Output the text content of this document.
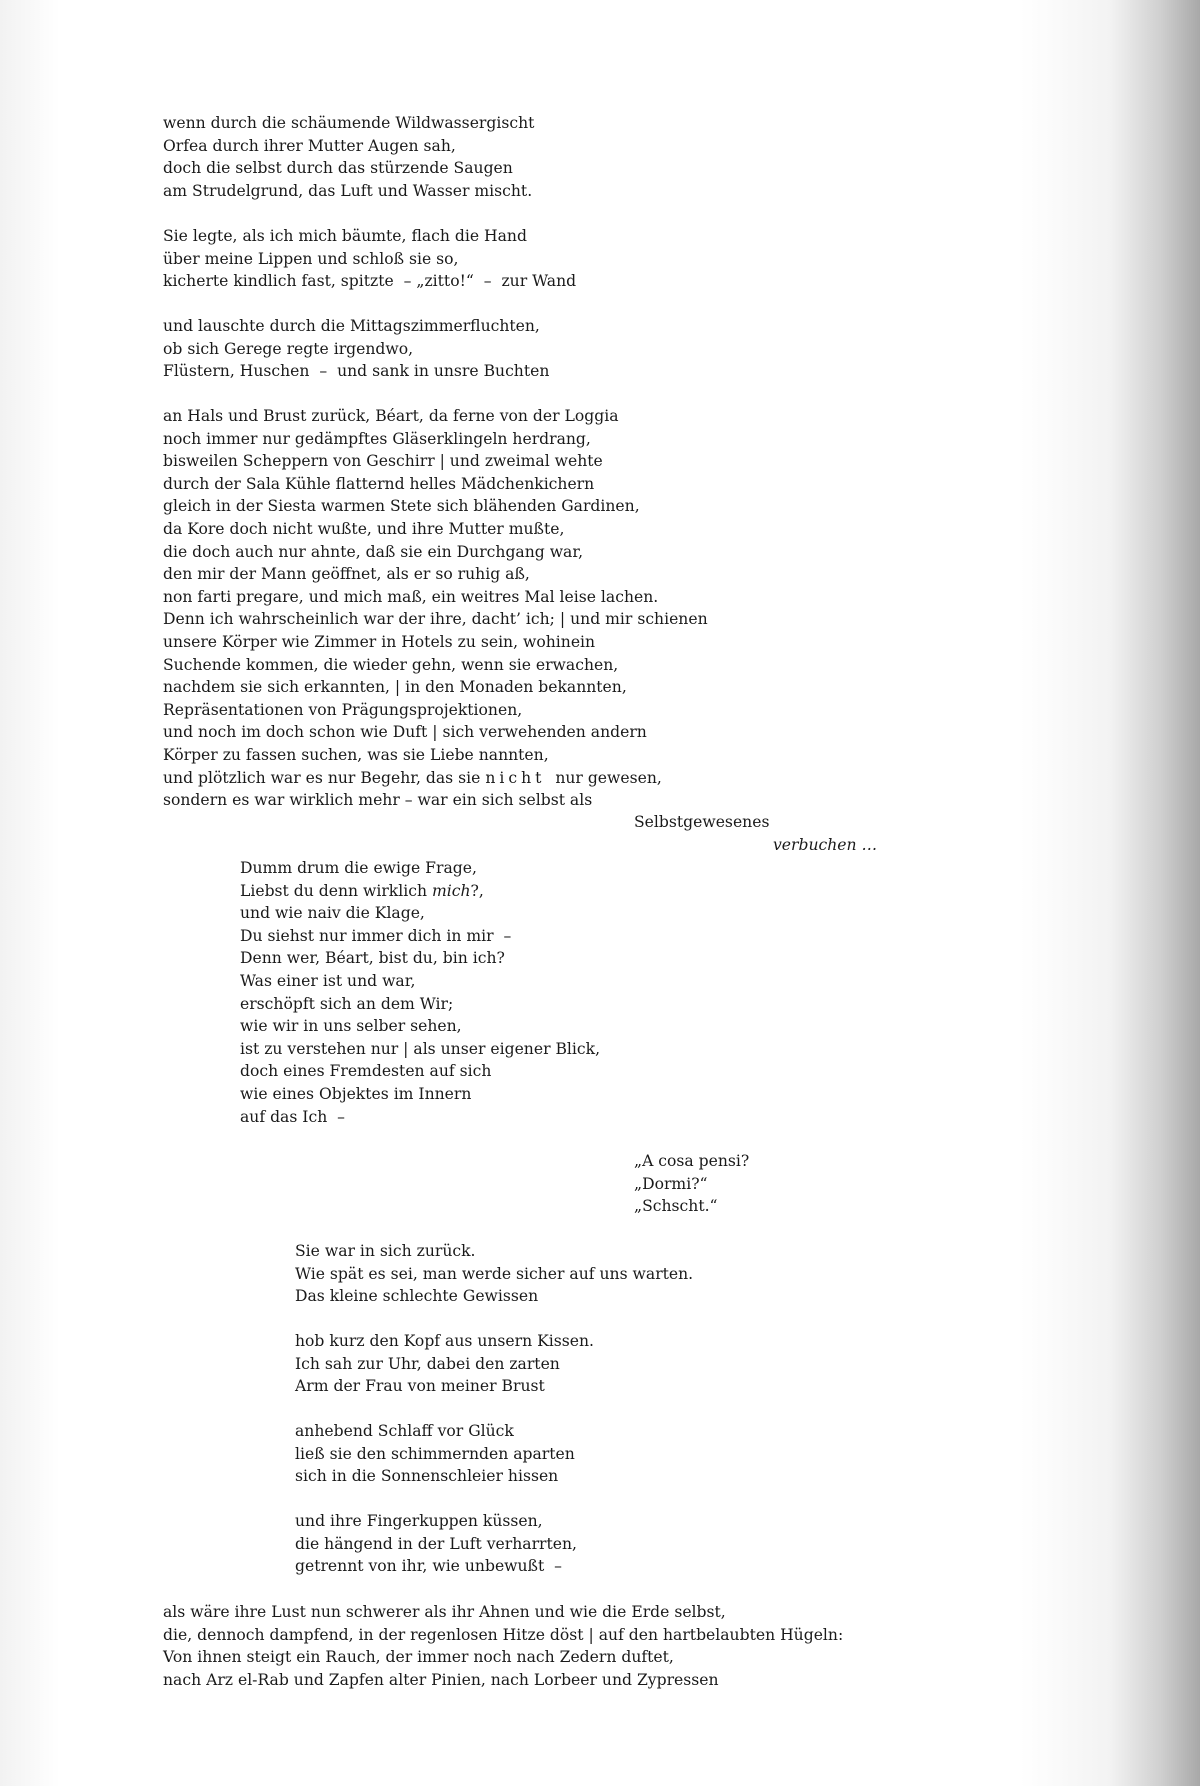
wenn durch die schäumende Wildwassergischt
Orfea durch ihrer Mutter Augen sah,
doch die selbst durch das stürzende Saugen
am Strudelgrund, das Luft und Wasser mischt.
Sie legte, als ich mich bäumte, flach die Hand
über meine Lippen und schloß sie so,
kicherte kindlich fast, spitzte  – „zitto!“  –  zur Wand
und lauschte durch die Mittagszimmerfluchten,
ob sich Gerege regte irgendwo,
Flüstern, Huschen  –  und sank in unsre Buchten
an Hals und Brust zurück, Béart, da ferne von der Loggia
noch immer nur gedämpftes Gläserklingeln herdrang,
bisweilen Scheppern von Geschirr | und zweimal wehte
durch der Sala Kühle flatternd helles Mädchenkichern
gleich in der Siesta warmen Stete sich blähenden Gardinen,
da Kore doch nicht wußte, und ihre Mutter mußte,
die doch auch nur ahnte, daß sie ein Durchgang war,
den mir der Mann geöffnet, als er so ruhig aß,
non farti pregare, und mich maß, ein weitres Mal leise lachen.
Denn ich wahrscheinlich war der ihre, dacht’ ich; | und mir schienen
unsere Körper wie Zimmer in Hotels zu sein, wohinein
Suchende kommen, die wieder gehn, wenn sie erwachen,
nachdem sie sich erkannten, | in den Monaden bekannten,
Repräsentationen von Prägungsprojektionen,
und noch im doch schon wie Duft | sich verwehenden andern
Körper zu fassen suchen, was sie Liebe nannten,
und plötzlich war es nur Begehr, das sie nicht  nur gewesen,
sondern es war wirklich mehr – war ein sich selbst als
Selbstgewesenes
verbuchen …
Dumm drum die ewige Frage,
Liebst du denn wirklich mich?,
und wie naiv die Klage,
Du siehst nur immer dich in mir  –
Denn wer, Béart, bist du, bin ich?
Was einer ist und war,
erschöpft sich an dem Wir;
wie wir in uns selber sehen,
ist zu verstehen nur | als unser eigener Blick,
doch eines Fremdesten auf sich
wie eines Objektes im Innern
auf das Ich  –
„A cosa pensi?
„Dormi?“
„Schscht.“
Sie war in sich zurück.
Wie spät es sei, man werde sicher auf uns warten.
Das kleine schlechte Gewissen
hob kurz den Kopf aus unsern Kissen.
Ich sah zur Uhr, dabei den zarten
Arm der Frau von meiner Brust
anhebend Schlaff vor Glück
ließ sie den schimmernden aparten
sich in die Sonnenschleier hissen
und ihre Fingerkuppen küssen,
die hängend in der Luft verharrten,
getrennt von ihr, wie unbewußt  –
als wäre ihre Lust nun schwerer als ihr Ahnen und wie die Erde selbst,
die, dennoch dampfend, in der regenlosen Hitze döst | auf den hartbelaubten Hügeln:
Von ihnen steigt ein Rauch, der immer noch nach Zedern duftet,
nach Arz el-Rab und Zapfen alter Pinien, nach Lorbeer und Zypressen
